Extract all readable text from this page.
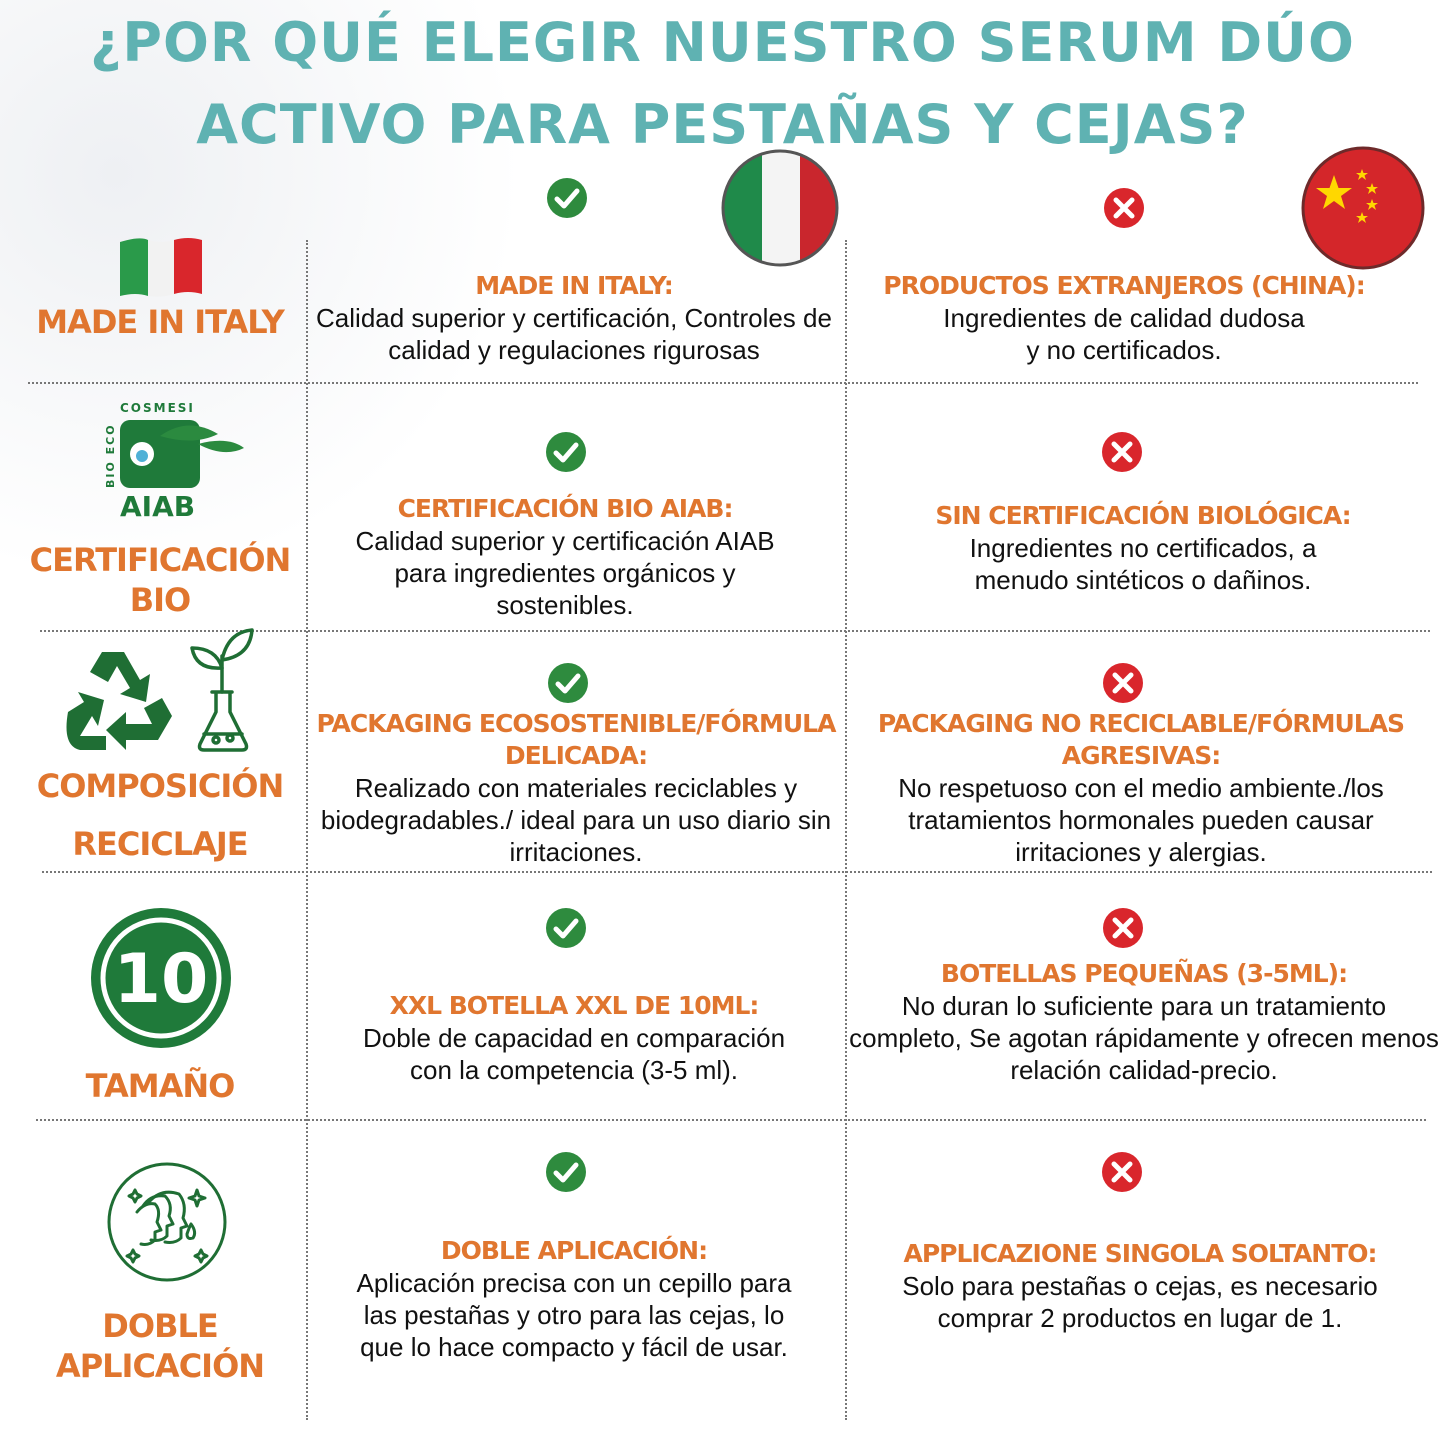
¿POR QUÉ ELEGIR NUESTRO SERUM DÚO
ACTIVO PARA PESTAÑAS Y CEJAS?
MADE IN ITALY
MADE IN ITALY:
Calidad superior y certificación, Controles de calidad y regulaciones rigurosas
PRODUCTOS EXTRANJEROS (CHINA):
Ingredientes de calidad dudosa y no certificados.
COSMESI
BIO ECO
AIAB
CERTIFICACIÓN BIO
CERTIFICACIÓN BIO AIAB:
Calidad superior y certificación AIAB para ingredientes orgánicos y sostenibles.
SIN CERTIFICACIÓN BIOLÓGICA:
Ingredientes no certificados, a menudo sintéticos o dañinos.
COMPOSICIÓN
RECICLAJE
PACKAGING ECOSOSTENIBLE/FÓRMULA DELICADA:
Realizado con materiales reciclables y biodegradables./ ideal para un uso diario sin irritaciones.
PACKAGING NO RECICLABLE/FÓRMULAS AGRESIVAS:
No respetuoso con el medio ambiente./los tratamientos hormonales pueden causar irritaciones y alergias.
10
TAMAÑO
XXL BOTELLA XXL DE 10ML:
Doble de capacidad en comparación con la competencia (3-5 ml).
BOTELLAS PEQUEÑAS (3-5ML):
No duran lo suficiente para un tratamiento completo, Se agotan rápidamente y ofrecen menos relación calidad-precio.
DOBLE
APLICACIÓN
DOBLE APLICACIÓN:
Aplicación precisa con un cepillo para las pestañas y otro para las cejas, lo que lo hace compacto y fácil de usar.
APPLICAZIONE SINGOLA SOLTANTO:
Solo para pestañas o cejas, es necesario comprar 2 productos en lugar de 1.
